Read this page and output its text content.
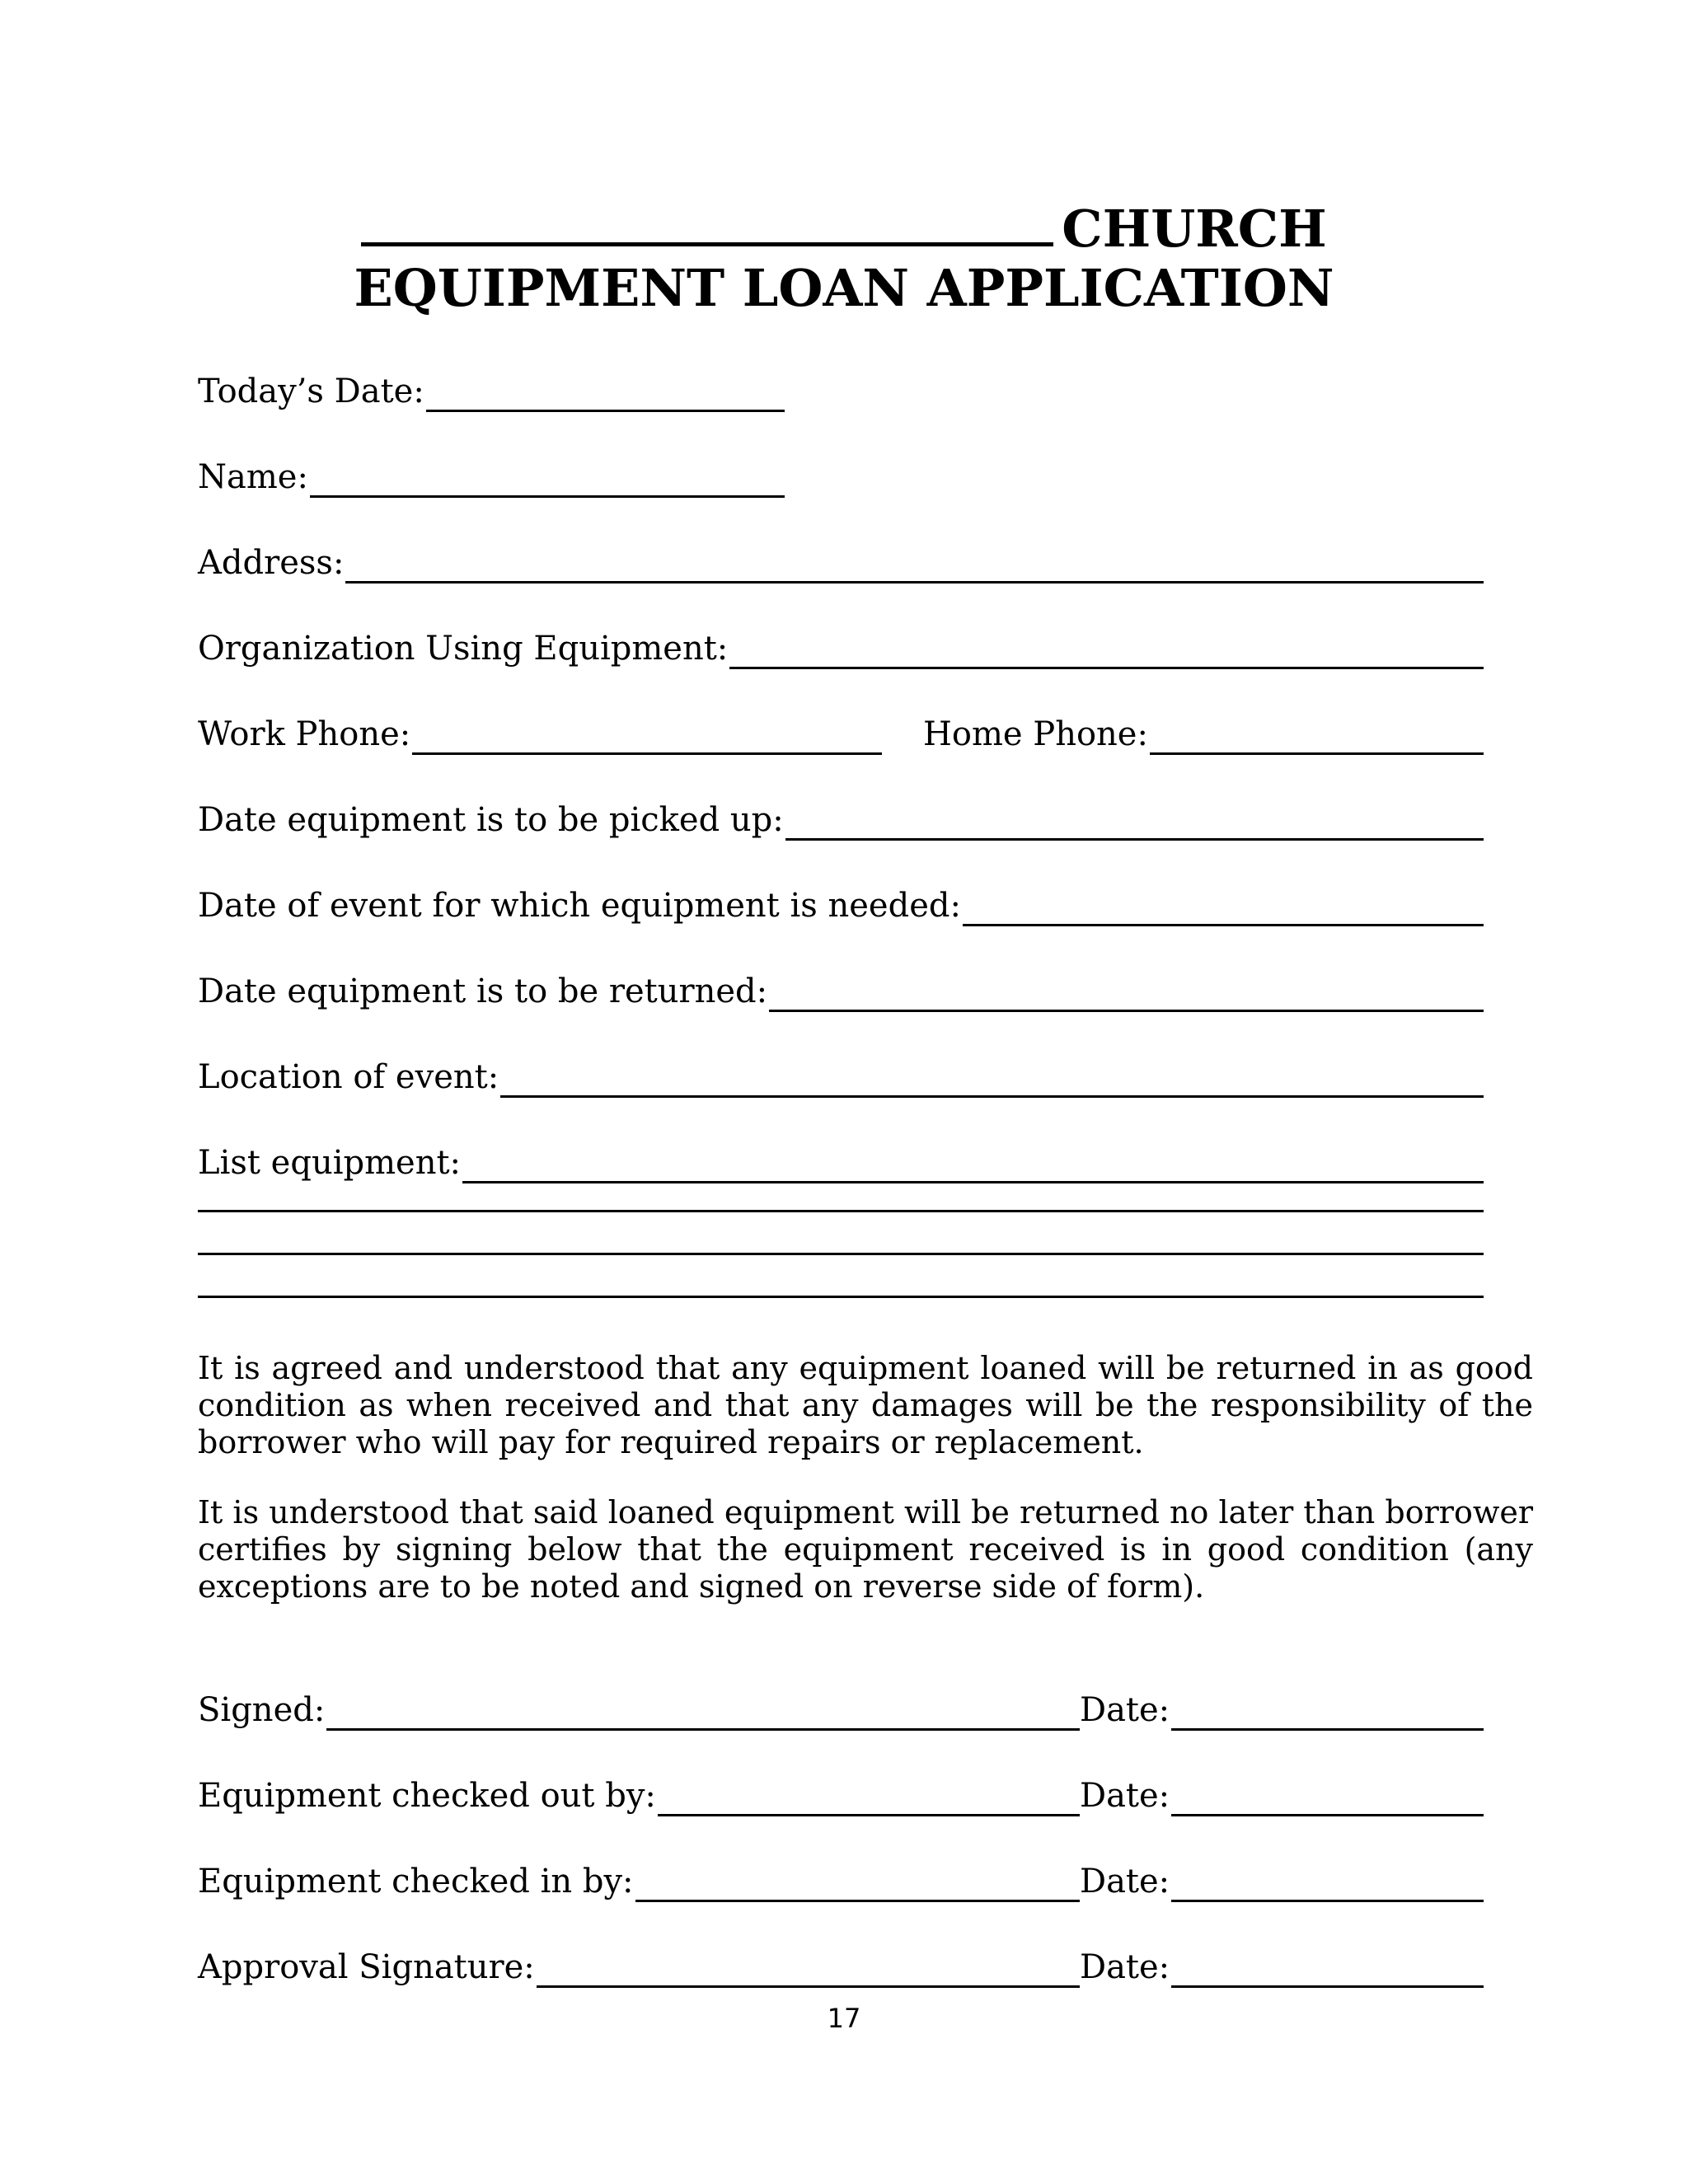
CHURCH
EQUIPMENT LOAN APPLICATION
Today’s Date:
Name:
Address:
Organization Using Equipment:
Work Phone:	Home Phone:
Date equipment is to be picked up:
Date of event for which equipment is needed:
Date equipment is to be returned:
Location of event:
List equipment:

It is agreed and understood that any equipment loaned will be returned in as good condition as when received and that any damages will be the responsibility of the borrower who will pay for required repairs or replacement.

It is understood that said loaned equipment will be returned no later than borrower certifies by signing below that the equipment received is in good condition (any exceptions are to be noted and signed on reverse side of form).

Signed:	Date:
Equipment checked out by:	Date:
Equipment checked in by:	Date:
Approval Signature:	Date:
17
